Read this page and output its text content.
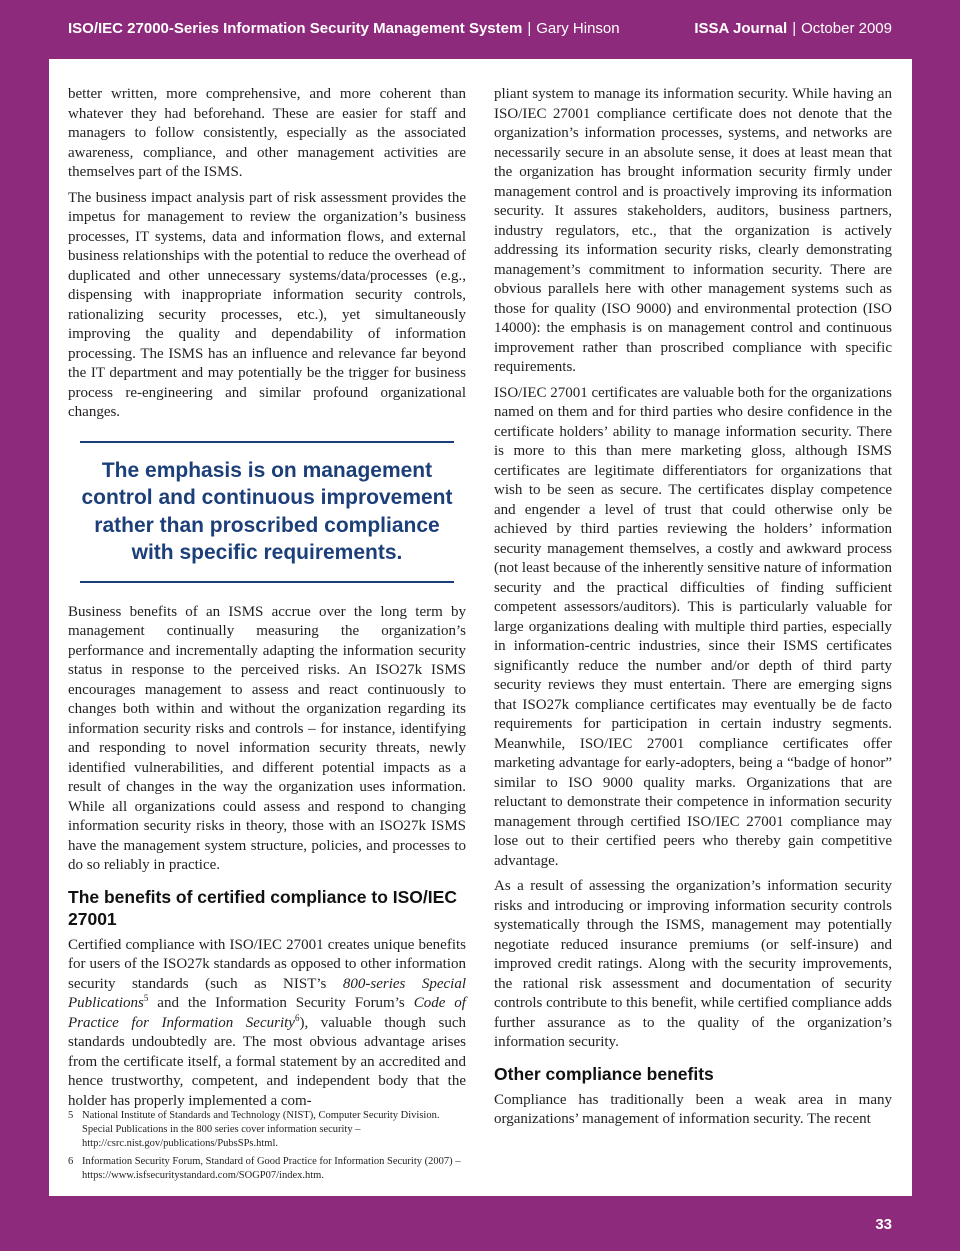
ISO/IEC 27000-Series Information Security Management System | Gary Hinson	ISSA Journal | October 2009

better written, more comprehensive, and more coherent than whatever they had beforehand. These are easier for staff and managers to follow consistently, especially as the associated awareness, compliance, and other management activities are themselves part of the ISMS.

The business impact analysis part of risk assessment provides the impetus for management to review the organization’s business processes, IT systems, data and information flows, and external business relationships with the potential to reduce the overhead of duplicated and other unnecessary systems/data/processes (e.g., dispensing with inappropriate information security controls, rationalizing security processes, etc.), yet simultaneously improving the quality and dependability of information processing. The ISMS has an influence and relevance far beyond the IT department and may potentially be the trigger for business process re-engineering and similar profound organizational changes.

The emphasis is on management control and continuous improvement rather than proscribed compliance with specific requirements.

Business benefits of an ISMS accrue over the long term by management continually measuring the organization’s performance and incrementally adapting the information security status in response to the perceived risks. An ISO27k ISMS encourages management to assess and react continuously to changes both within and without the organization regarding its information security risks and controls – for instance, identifying and responding to novel information security threats, newly identified vulnerabilities, and different potential impacts as a result of changes in the way the organization uses information. While all organizations could assess and respond to changing information security risks in theory, those with an ISO27k ISMS have the management system structure, policies, and processes to do so reliably in practice.

The benefits of certified compliance to ISO/IEC 27001

Certified compliance with ISO/IEC 27001 creates unique benefits for users of the ISO27k standards as opposed to other information security standards (such as NIST’s 800-series Special Publications$^5$ and the Information Security Forum’s Code of Practice for Information Security$^6$), valuable though such standards undoubtedly are. The most obvious advantage arises from the certificate itself, a formal statement by an accredited and hence trustworthy, competent, and independent body that the holder has properly implemented a com-

pliant system to manage its information security. While having an ISO/IEC 27001 compliance certificate does not denote that the organization’s information processes, systems, and networks are necessarily secure in an absolute sense, it does at least mean that the organization has brought information security firmly under management control and is proactively improving its information security. It assures stakeholders, auditors, business partners, industry regulators, etc., that the organization is actively addressing its information security risks, clearly demonstrating management’s commitment to information security. There are obvious parallels here with other management systems such as those for quality (ISO 9000) and environmental protection (ISO 14000): the emphasis is on management control and continuous improvement rather than proscribed compliance with specific requirements.

ISO/IEC 27001 certificates are valuable both for the organizations named on them and for third parties who desire confidence in the certificate holders’ ability to manage information security. There is more to this than mere marketing gloss, although ISMS certificates are legitimate differentiators for organizations that wish to be seen as secure. The certificates display competence and engender a level of trust that could otherwise only be achieved by third parties reviewing the holders’ information security management themselves, a costly and awkward process (not least because of the inherently sensitive nature of information security and the practical difficulties of finding sufficient competent assessors/auditors). This is particularly valuable for large organizations dealing with multiple third parties, especially in information-centric industries, since their ISMS certificates significantly reduce the number and/or depth of third party security reviews they must entertain. There are emerging signs that ISO27k compliance certificates may eventually be de facto requirements for participation in certain industry segments. Meanwhile, ISO/IEC 27001 compliance certificates offer marketing advantage for early-adopters, being a “badge of honor” similar to ISO 9000 quality marks. Organizations that are reluctant to demonstrate their competence in information security management through certified ISO/IEC 27001 compliance may lose out to their certified peers who thereby gain competitive advantage.

As a result of assessing the organization’s information security risks and introducing or improving information security controls systematically through the ISMS, management may potentially negotiate reduced insurance premiums (or self-insure) and improved credit ratings. Along with the security improvements, the rational risk assessment and documentation of security controls contribute to this benefit, while certified compliance adds further assurance as to the quality of the organization’s information security.

Other compliance benefits

Compliance has traditionally been a weak area in many organizations’ management of information security. The recent

5 National Institute of Standards and Technology (NIST), Computer Security Division. Special Publications in the 800 series cover information security – http://csrc.nist.gov/publications/PubsSPs.html.
6 Information Security Forum, Standard of Good Practice for Information Security (2007) – https://www.isfsecuritystandard.com/SOGP07/index.htm.
33
